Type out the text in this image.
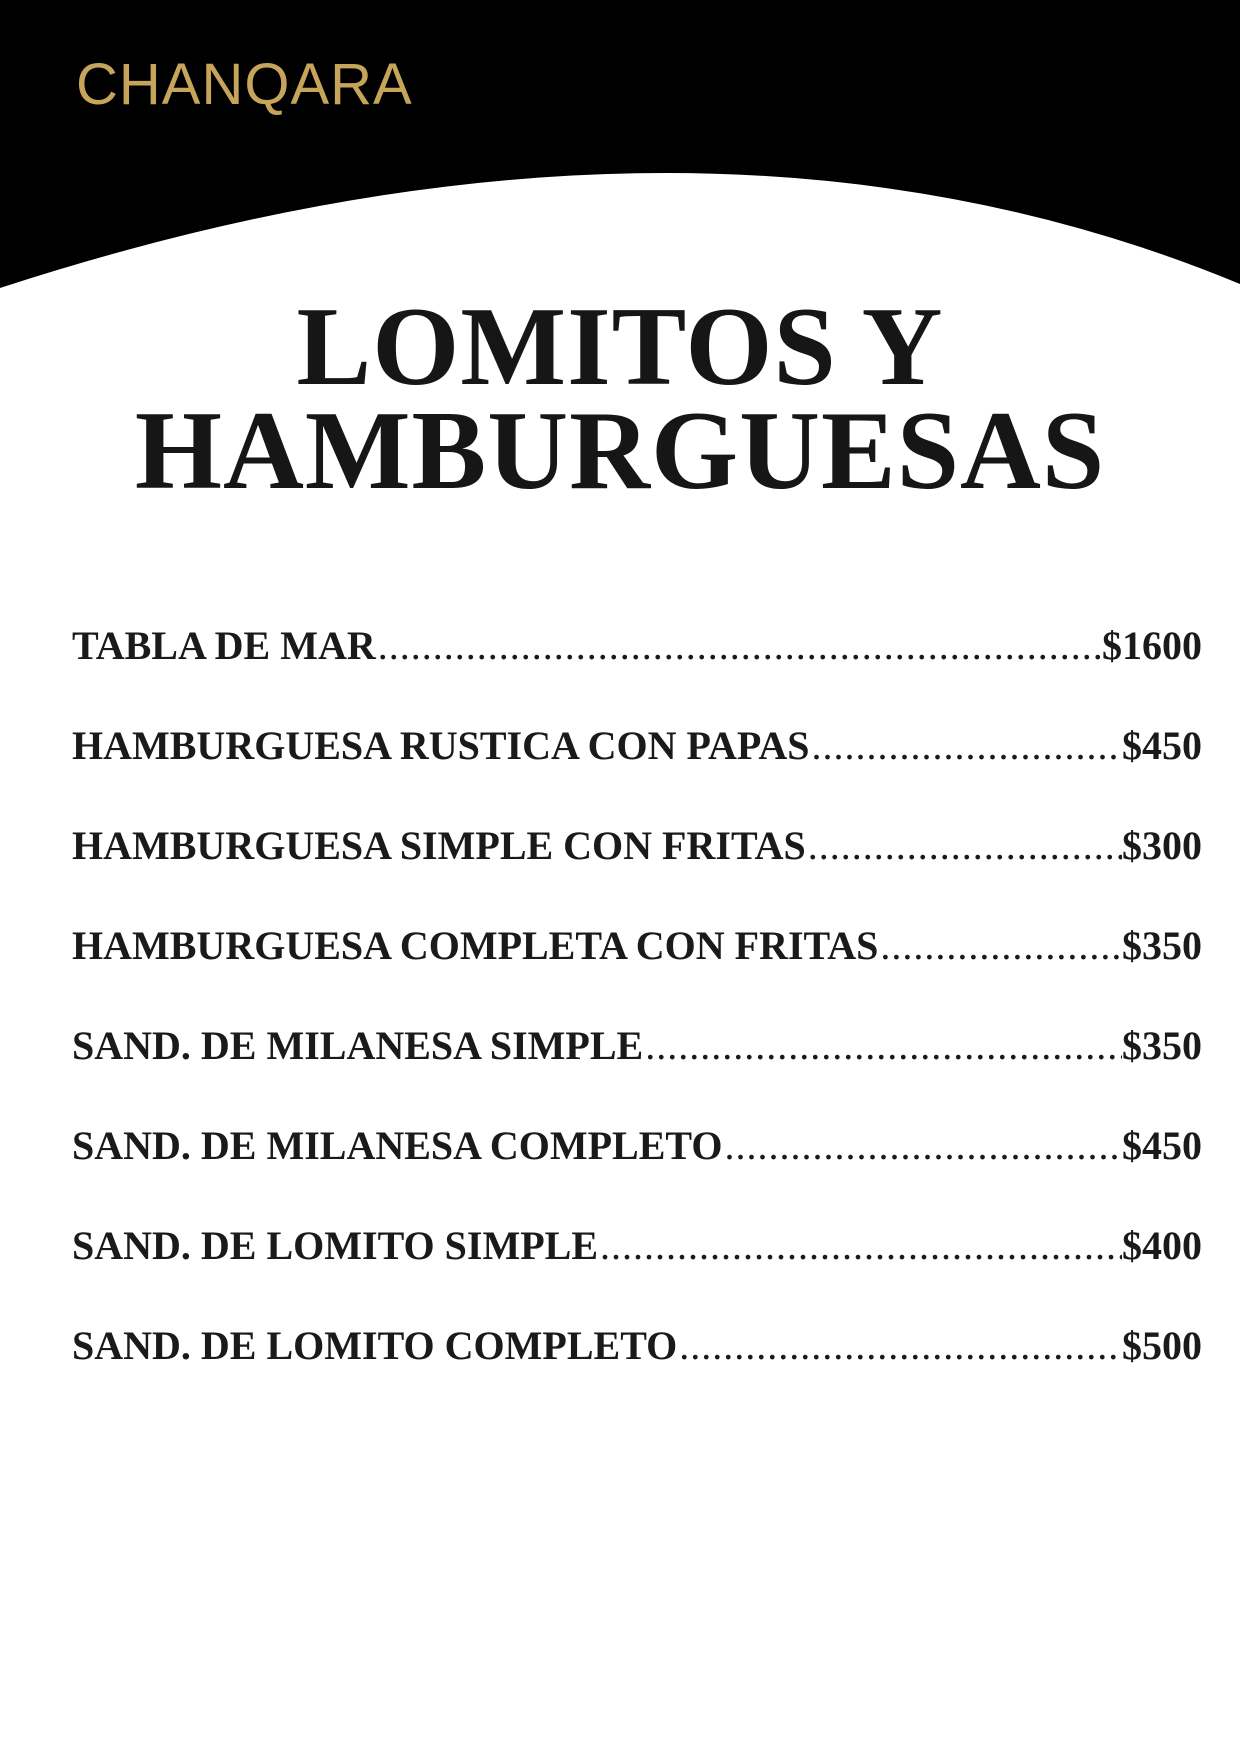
CHANQARA
LOMITOS Y
HAMBURGUESAS
TABLA DE MAR .....	$1600
HAMBURGUESA RUSTICA CON PAPAS .....	$450
HAMBURGUESA SIMPLE CON FRITAS .....	$300
HAMBURGUESA COMPLETA CON FRITAS .....	$350
SAND. DE MILANESA SIMPLE .....	$350
SAND. DE MILANESA COMPLETO .....	$450
SAND. DE LOMITO SIMPLE .....	$400
SAND. DE LOMITO COMPLETO .....	$500
